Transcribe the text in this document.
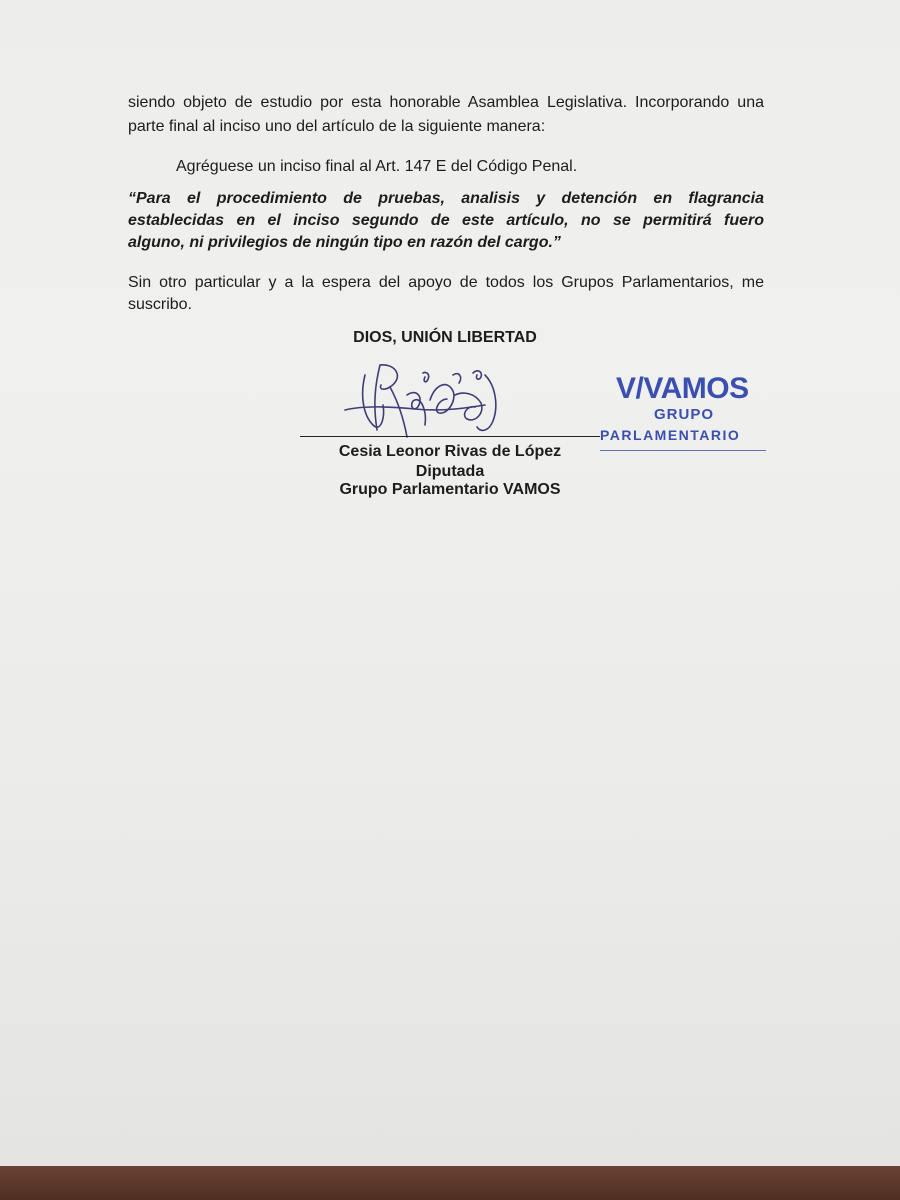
siendo objeto de estudio por esta honorable Asamblea Legislativa. Incorporando una
parte final al inciso uno del artículo de la siguiente manera:
Agréguese un inciso final al Art. 147 E del Código Penal.
“Para el procedimiento de pruebas, analisis y detención en flagrancia
establecidas en el inciso segundo de este artículo, no se permitirá fuero
alguno, ni privilegios de ningún tipo en razón del cargo.”
Sin otro particular y a la espera del apoyo de todos los Grupos Parlamentarios, me
suscribo.
DIOS, UNIÓN LIBERTAD
Cesia Leonor Rivas de López
Diputada
Grupo Parlamentario VAMOS
V/VAMOS
GRUPO
PARLAMENTARIO
